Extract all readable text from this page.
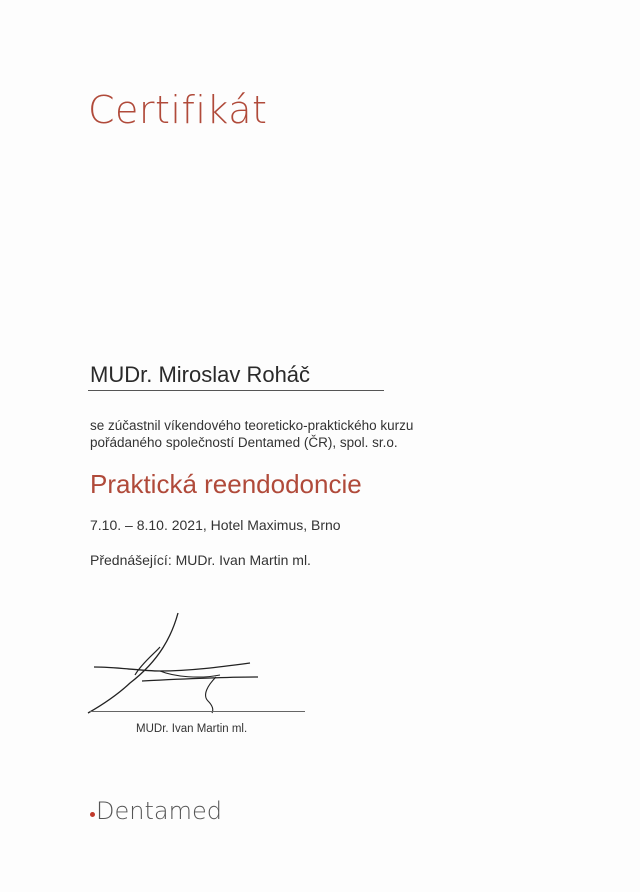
Certifikát
MUDr. Miroslav Roháč
se zúčastnil víkendového teoreticko-praktického kurzu
pořádaného společností Dentamed (ČR), spol. sr.o.
Praktická reendodoncie
7.10. – 8.10. 2021, Hotel Maximus, Brno
Přednášející: MUDr. Ivan Martin ml.
MUDr. Ivan Martin ml.
Dentamed
